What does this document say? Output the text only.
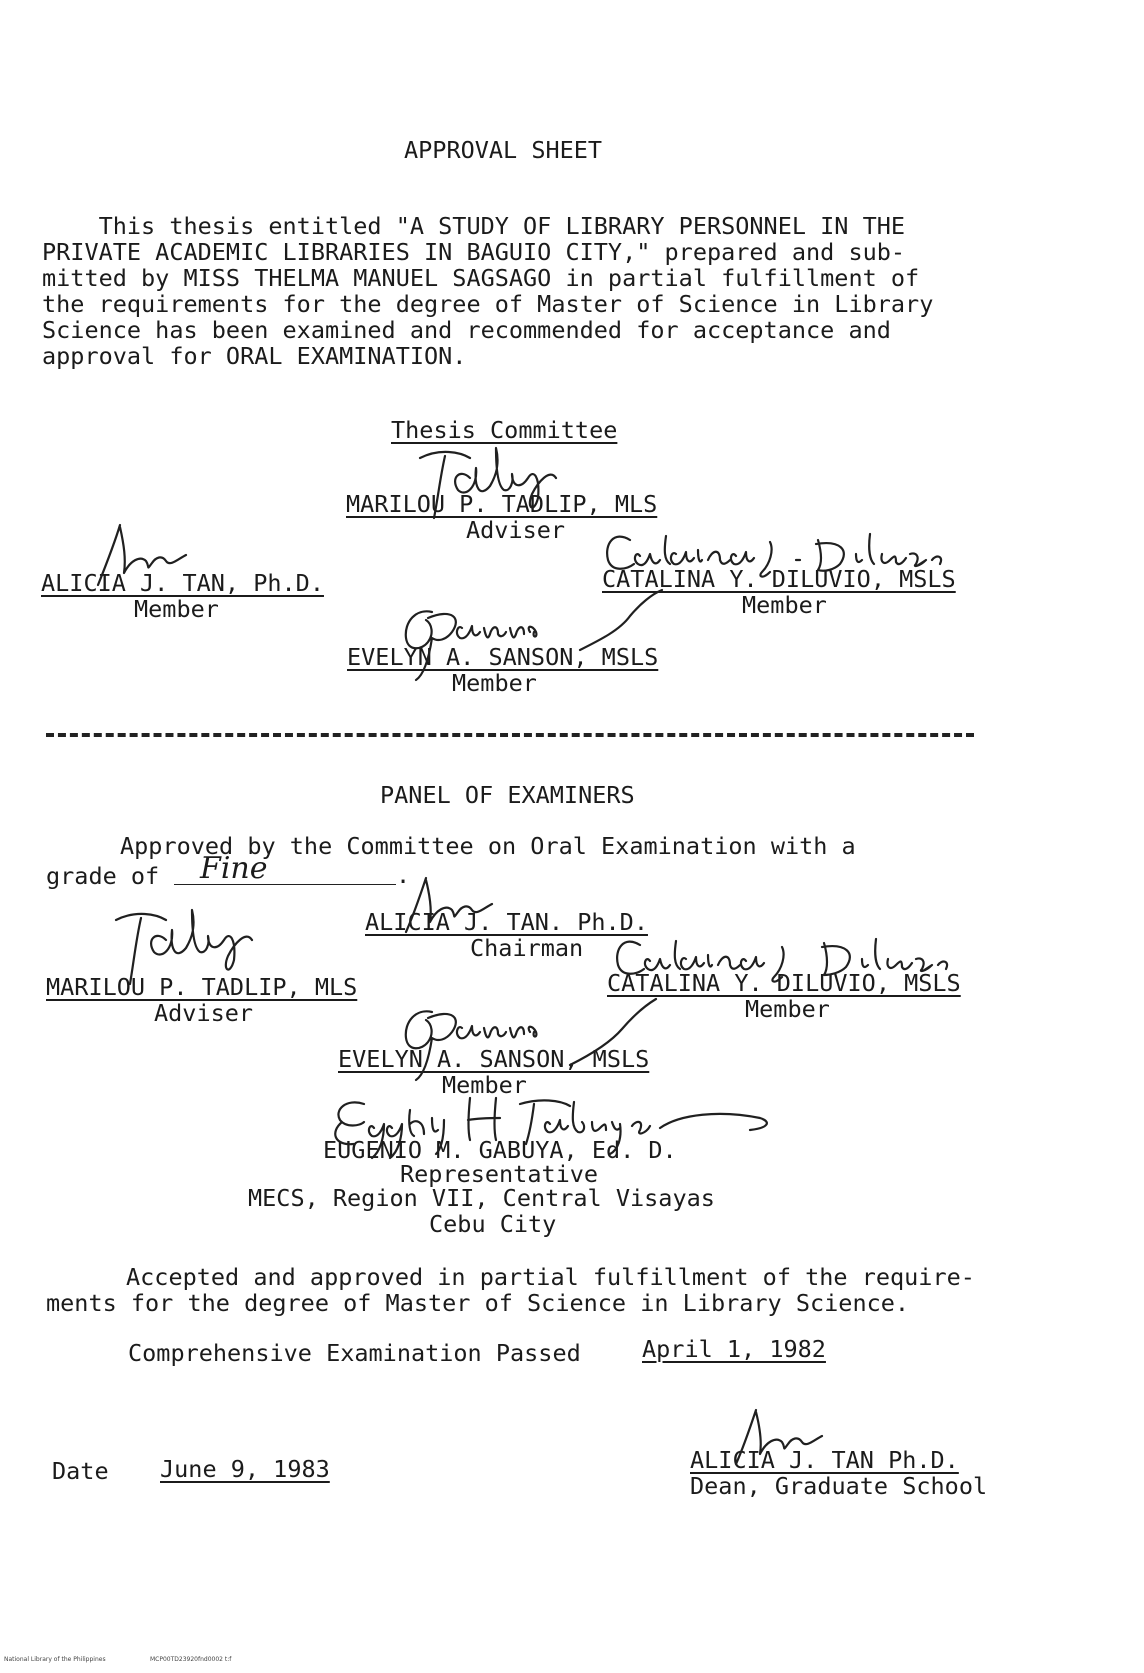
APPROVAL SHEET
This thesis entitled "A STUDY OF LIBRARY PERSONNEL IN THE
PRIVATE ACADEMIC LIBRARIES IN BAGUIO CITY," prepared and sub-
mitted by MISS THELMA MANUEL SAGSAGO in partial fulfillment of
the requirements for the degree of Master of Science in Library
Science has been examined and recommended for acceptance and
approval for ORAL EXAMINATION.
Thesis Committee
MARILOU P. TADLIP, MLS
Adviser
ALICIA J. TAN, Ph.D.
Member
CATALINA Y. DILUVIO, MSLS
Member
EVELYN A. SANSON, MSLS
Member
PANEL OF EXAMINERS
Approved by the Committee on Oral Examination with a
grade of	.
Fine
ALICIA J. TAN. Ph.D.
Chairman
MARILOU P. TADLIP, MLS
Adviser
CATALINA Y. DILUVIO, MSLS
Member
EVELYN A. SANSON, MSLS
Member
EUGENIO M. GABUYA, Ed. D.
Representative
MECS, Region VII, Central Visayas
Cebu City
Accepted and approved in partial fulfillment of the require-
ments for the degree of Master of Science in Library Science.
Comprehensive Examination Passed	April 1, 1982
Date June 9, 1983	ALICIA J. TAN Ph.D.
Dean, Graduate School
National Library of the Philippines	MCP00TD23920fnd0002 t:f
